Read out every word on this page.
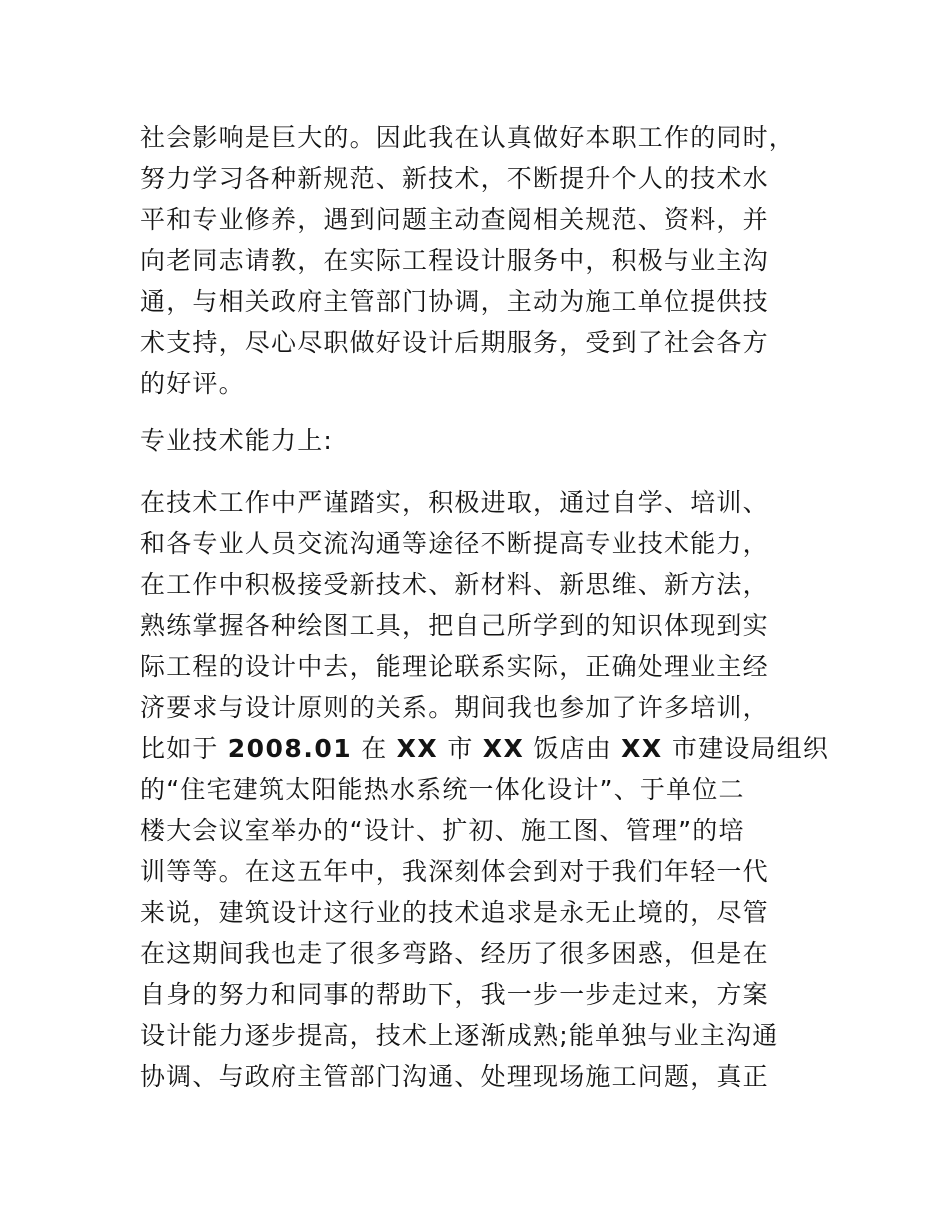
社会影响是巨大的。因此我在认真做好本职工作的同时，
努力学习各种新规范、新技术，不断提升个人的技术水
平和专业修养，遇到问题主动查阅相关规范、资料，并
向老同志请教，在实际工程设计服务中，积极与业主沟
通，与相关政府主管部门协调，主动为施工单位提供技
术支持，尽心尽职做好设计后期服务，受到了社会各方
的好评。
专业技术能力上:
在技术工作中严谨踏实，积极进取，通过自学、培训、
和各专业人员交流沟通等途径不断提高专业技术能力，
在工作中积极接受新技术、新材料、新思维、新方法，
熟练掌握各种绘图工具，把自己所学到的知识体现到实
际工程的设计中去，能理论联系实际，正确处理业主经
济要求与设计原则的关系。期间我也参加了许多培训，
比如于 2008.01 在 XX 市 XX 饭店由 XX 市建设局组织
的“住宅建筑太阳能热水系统一体化设计”、于单位二
楼大会议室举办的“设计、扩初、施工图、管理”的培
训等等。在这五年中，我深刻体会到对于我们年轻一代
来说，建筑设计这行业的技术追求是永无止境的，尽管
在这期间我也走了很多弯路、经历了很多困惑，但是在
自身的努力和同事的帮助下，我一步一步走过来，方案
设计能力逐步提高，技术上逐渐成熟;能单独与业主沟通
协调、与政府主管部门沟通、处理现场施工问题，真正
